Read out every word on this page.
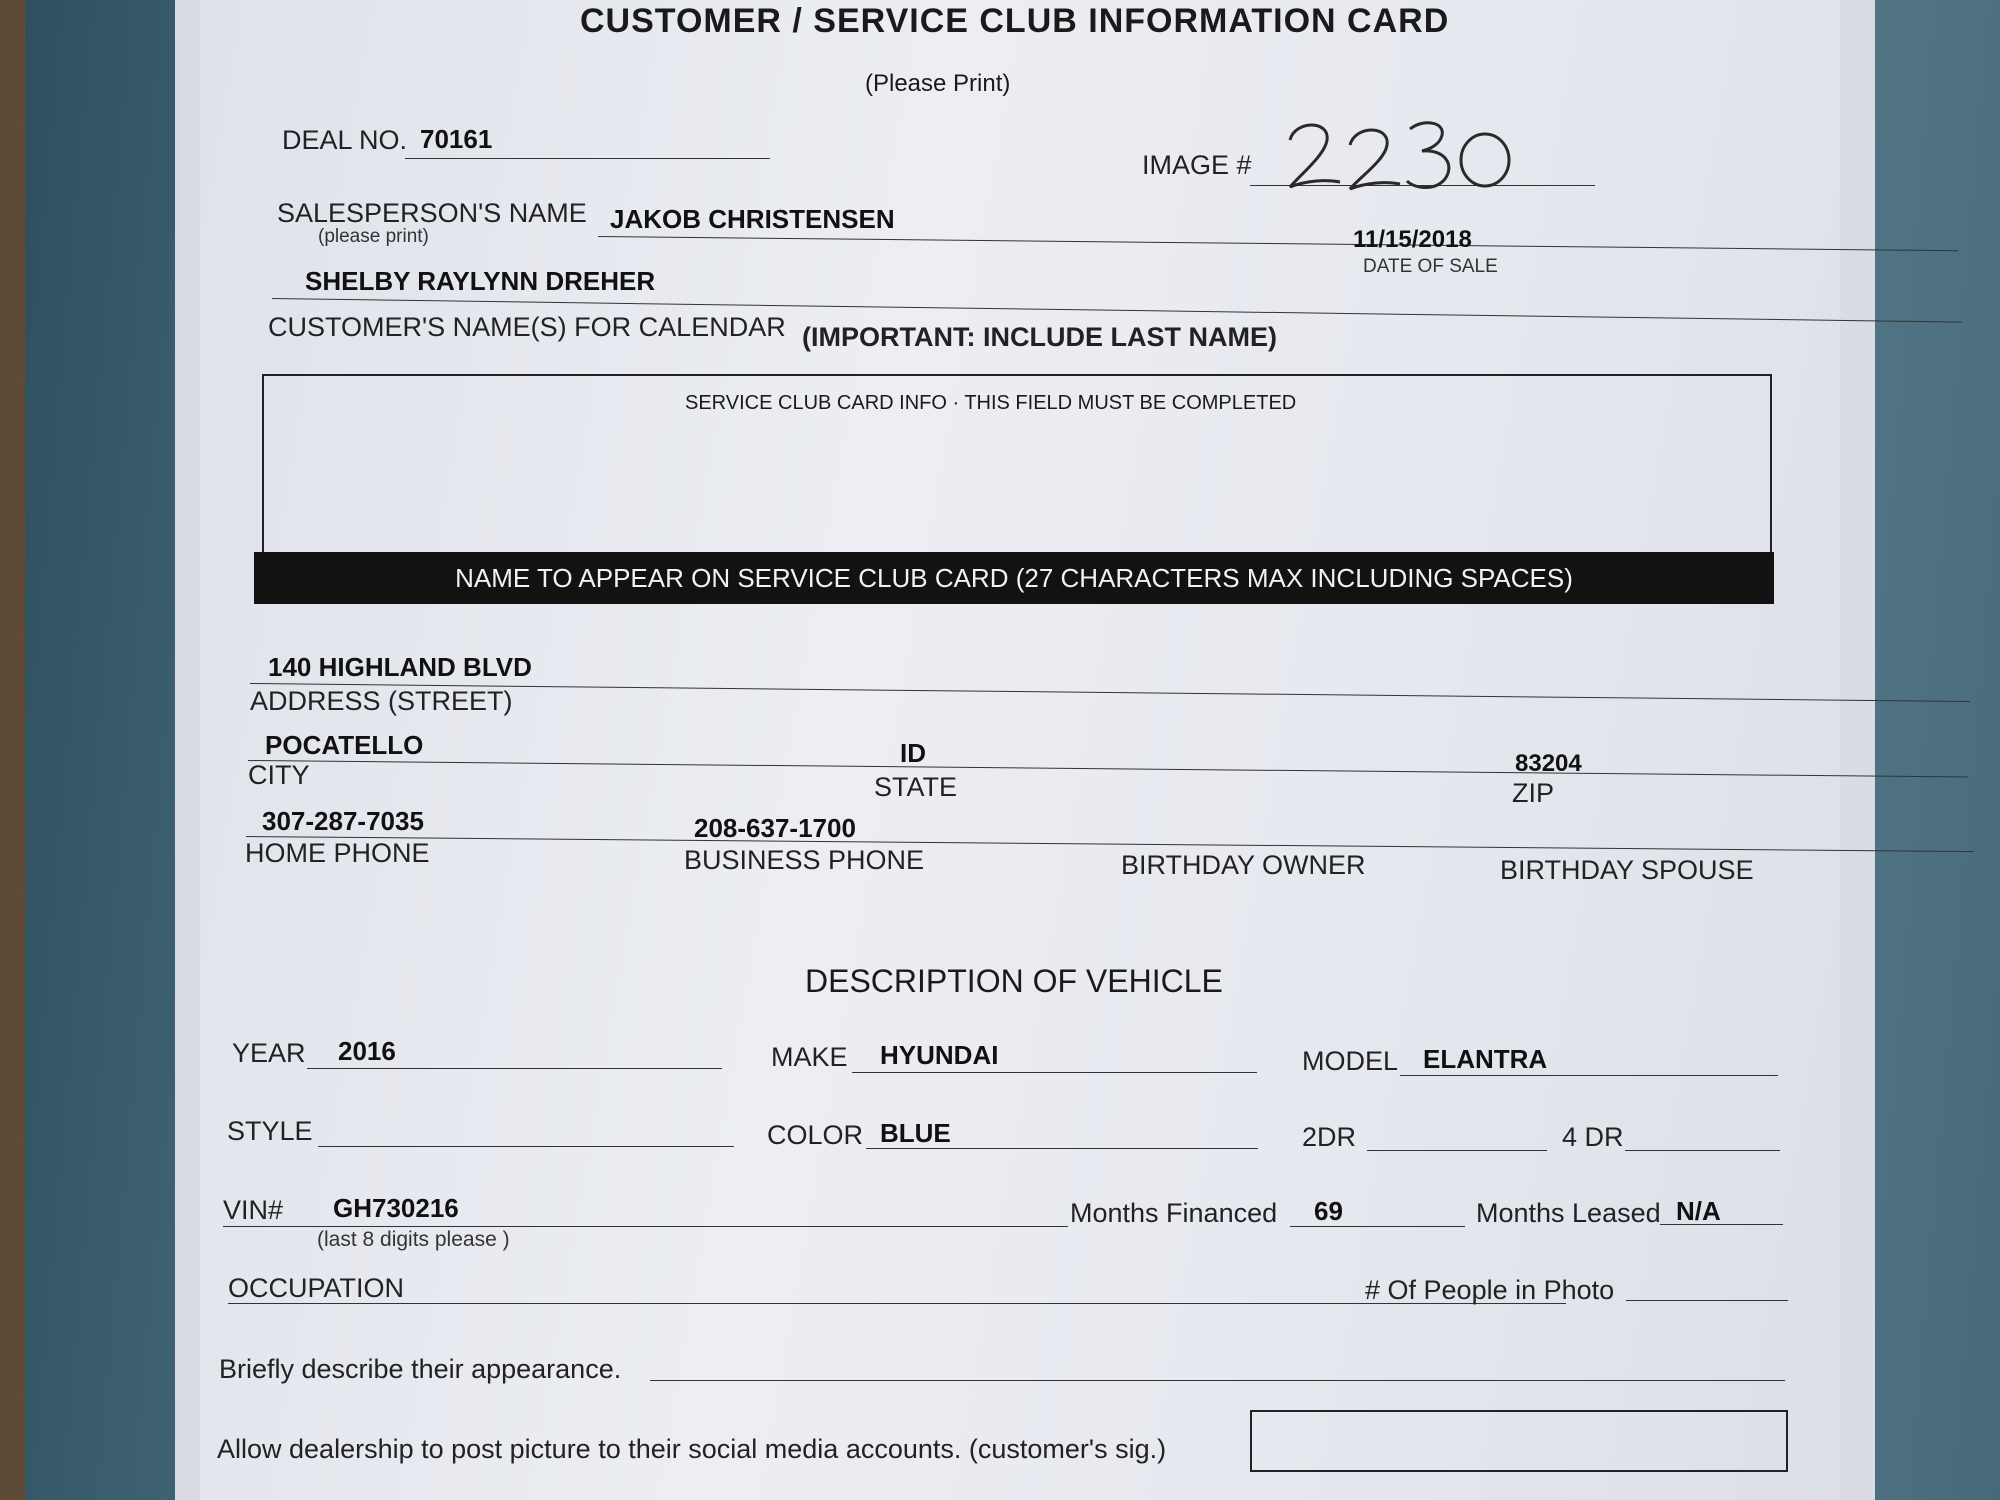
CUSTOMER / SERVICE CLUB INFORMATION CARD
(Please Print)
DEAL NO. 70161
IMAGE #
SALESPERSON'S NAME
(please print)
JAKOB CHRISTENSEN
11/15/2018
DATE OF SALE
SHELBY RAYLYNN DREHER
CUSTOMER'S NAME(S) FOR CALENDAR (IMPORTANT: INCLUDE LAST NAME)
SERVICE CLUB CARD INFO · THIS FIELD MUST BE COMPLETED
NAME TO APPEAR ON SERVICE CLUB CARD (27 CHARACTERS MAX INCLUDING SPACES)
140 HIGHLAND BLVD
ADDRESS (STREET)
POCATELLO
CITY
ID
STATE
83204
ZIP
307-287-7035	208-637-1700
HOME PHONE	BUSINESS PHONE	BIRTHDAY OWNER	BIRTHDAY SPOUSE
DESCRIPTION OF VEHICLE
YEAR 2016	MAKE HYUNDAI	MODEL ELANTRA
STYLE	COLOR BLUE	2DR	4 DR
VIN# GH730216
(last 8 digits please )
Months Financed 69	Months Leased N/A
OCCUPATION	# Of People in Photo
Briefly describe their appearance.
Allow dealership to post picture to their social media accounts. (customer's sig.)
